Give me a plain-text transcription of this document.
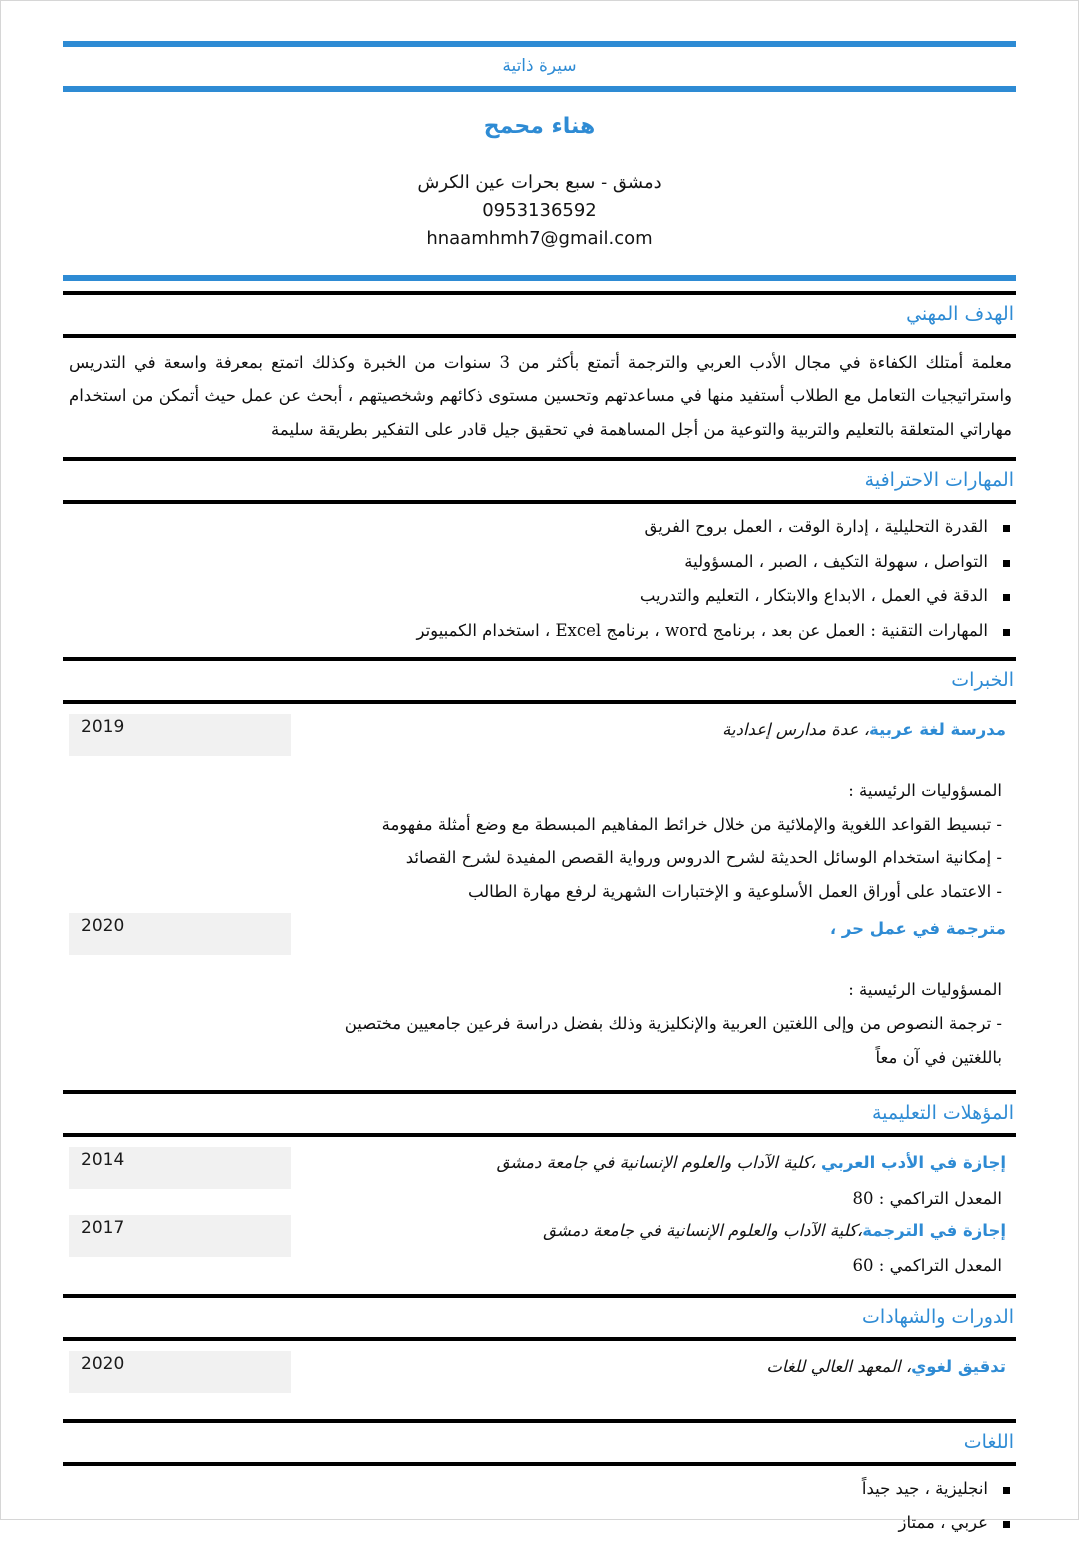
سيرة ذاتية
هناء محمح
دمشق - سبع بحرات عين الكرش
0953136592
hnaamhmh7@gmail.com
الهدف المهني
معلمة أمتلك الكفاءة في مجال الأدب العربي والترجمة أتمتع بأكثر من 3 سنوات من الخبرة وكذلك اتمتع بمعرفة واسعة في التدريس واستراتيجيات التعامل مع الطلاب أستفيد منها في مساعدتهم وتحسين مستوى ذكائهم وشخصيتهم ، أبحث عن عمل حيث أتمكن من استخدام مهاراتي المتعلقة بالتعليم والتربية والتوعية من أجل المساهمة في تحقيق جيل قادر على التفكير بطريقة سليمة
المهارات الاحترافية
القدرة التحليلية ، إدارة الوقت ، العمل بروح الفريق
التواصل ، سهولة التكيف ، الصبر ، المسؤولية
الدقة في العمل ، الابداع والابتكار ، التعليم والتدريب
المهارات التقنية : العمل عن بعد ، برنامج word ، برنامج Excel ، استخدام الكمبيوتر
الخبرات
2019	مدرسة لغة عربية، عدة مدارس إعدادية
المسؤوليات الرئيسية :
- تبسيط القواعد اللغوية والإملائية من خلال خرائط المفاهيم المبسطة مع وضع أمثلة مفهومة
- إمكانية استخدام الوسائل الحديثة لشرح الدروس ورواية القصص المفيدة لشرح القصائد
- الاعتماد على أوراق العمل الأسلوعية و الإختبارات الشهرية لرفع مهارة الطالب
2020	مترجمة في عمل حر ،
المسؤوليات الرئيسية :
- ترجمة النصوص من وإلى اللغتين العربية والإنكليزية وذلك بفضل دراسة فرعين جامعيين مختصين باللغتين في آن معاً
المؤهلات التعليمية
2014	إجازة في الأدب العربي ،كلية الآداب والعلوم الإنسانية في جامعة دمشق
المعدل التراكمي : 80
2017	إجازة في الترجمة،كلية الآداب والعلوم الإنسانية في جامعة دمشق
المعدل التراكمي : 60
الدورات والشهادات
2020	تدقيق لغوي، المعهد العالي للغات
اللغات
انجليزية ، جيد جيداً
عربي ، ممتاز
